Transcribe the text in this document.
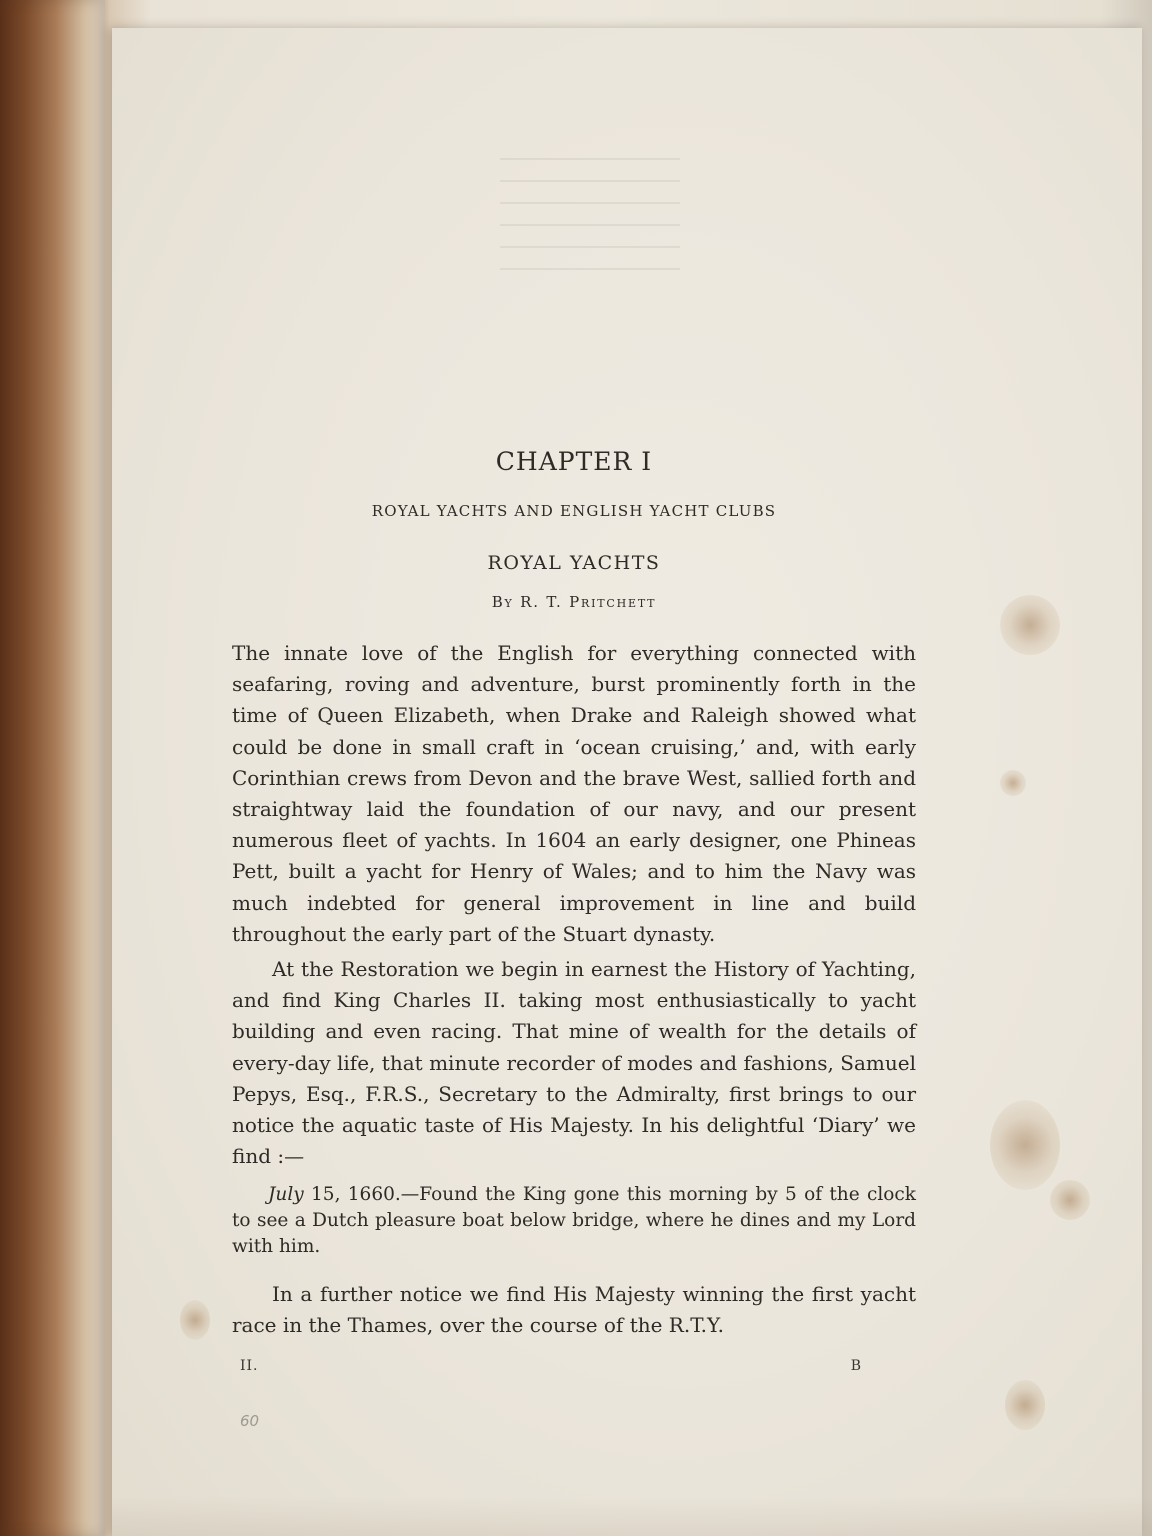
CHAPTER I
ROYAL YACHTS AND ENGLISH YACHT CLUBS
ROYAL YACHTS
By R. T. Pritchett

The innate love of the English for everything connected with seafaring, roving and adventure, burst prominently forth in the time of Queen Elizabeth, when Drake and Raleigh showed what could be done in small craft in ‘ocean cruising,’ and, with early Corinthian crews from Devon and the brave West, sallied forth and straightway laid the foundation of our navy, and our present numerous fleet of yachts. In 1604 an early designer, one Phineas Pett, built a yacht for Henry of Wales; and to him the Navy was much indebted for general improvement in line and build throughout the early part of the Stuart dynasty.

At the Restoration we begin in earnest the History of Yachting, and find King Charles II. taking most enthusiastically to yacht building and even racing. That mine of wealth for the details of every-day life, that minute recorder of modes and fashions, Samuel Pepys, Esq., F.R.S., Secretary to the Admiralty, first brings to our notice the aquatic taste of His Majesty. In his delightful ‘Diary’ we find :—

July 15, 1660.—Found the King gone this morning by 5 of the clock to see a Dutch pleasure boat below bridge, where he dines and my Lord with him.

In a further notice we find His Majesty winning the first yacht race in the Thames, over the course of the R.T.Y.

II.	B
60
